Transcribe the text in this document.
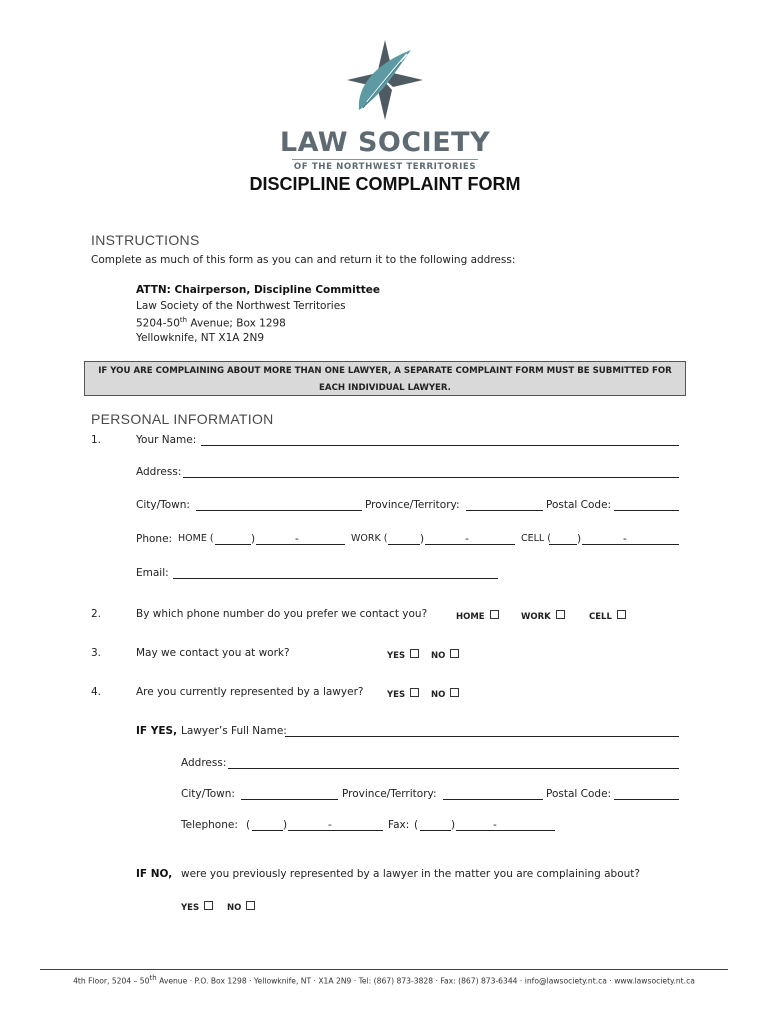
LAW SOCIETY
OF THE NORTHWEST TERRITORIES
DISCIPLINE COMPLAINT FORM
INSTRUCTIONS
Complete as much of this form as you can and return it to the following address:
ATTN: Chairperson, Discipline Committee
Law Society of the Northwest Territories
5204-50th Avenue; Box 1298
Yellowknife, NT X1A 2N9
IF YOU ARE COMPLAINING ABOUT MORE THAN ONE LAWYER, A SEPARATE COMPLAINT FORM MUST BE SUBMITTED FOR
EACH INDIVIDUAL LAWYER.
PERSONAL INFORMATION
1.	Your Name:
Address:
City/Town:	Province/Territory:	Postal Code:
Phone: HOME (	)	-	WORK (	)	-	CELL ( )	-
Email:
2.	By which phone number do you prefer we contact you?	HOME	WORK	CELL
3.	May we contact you at work?	YES	NO
4.	Are you currently represented by a lawyer?	YES	NO
IF YES, Lawyer’s Full Name:
Address:
City/Town:	Province/Territory:	Postal Code:
Telephone: (	)	-	Fax: (	)	-
IF NO, were you previously represented by a lawyer in the matter you are complaining about?
YES	NO
4th Floor, 5204 – 50th Avenue · P.O. Box 1298 · Yellowknife, NT · X1A 2N9 · Tel: (867) 873-3828 · Fax: (867) 873-6344 · info@lawsociety.nt.ca · www.lawsociety.nt.ca
